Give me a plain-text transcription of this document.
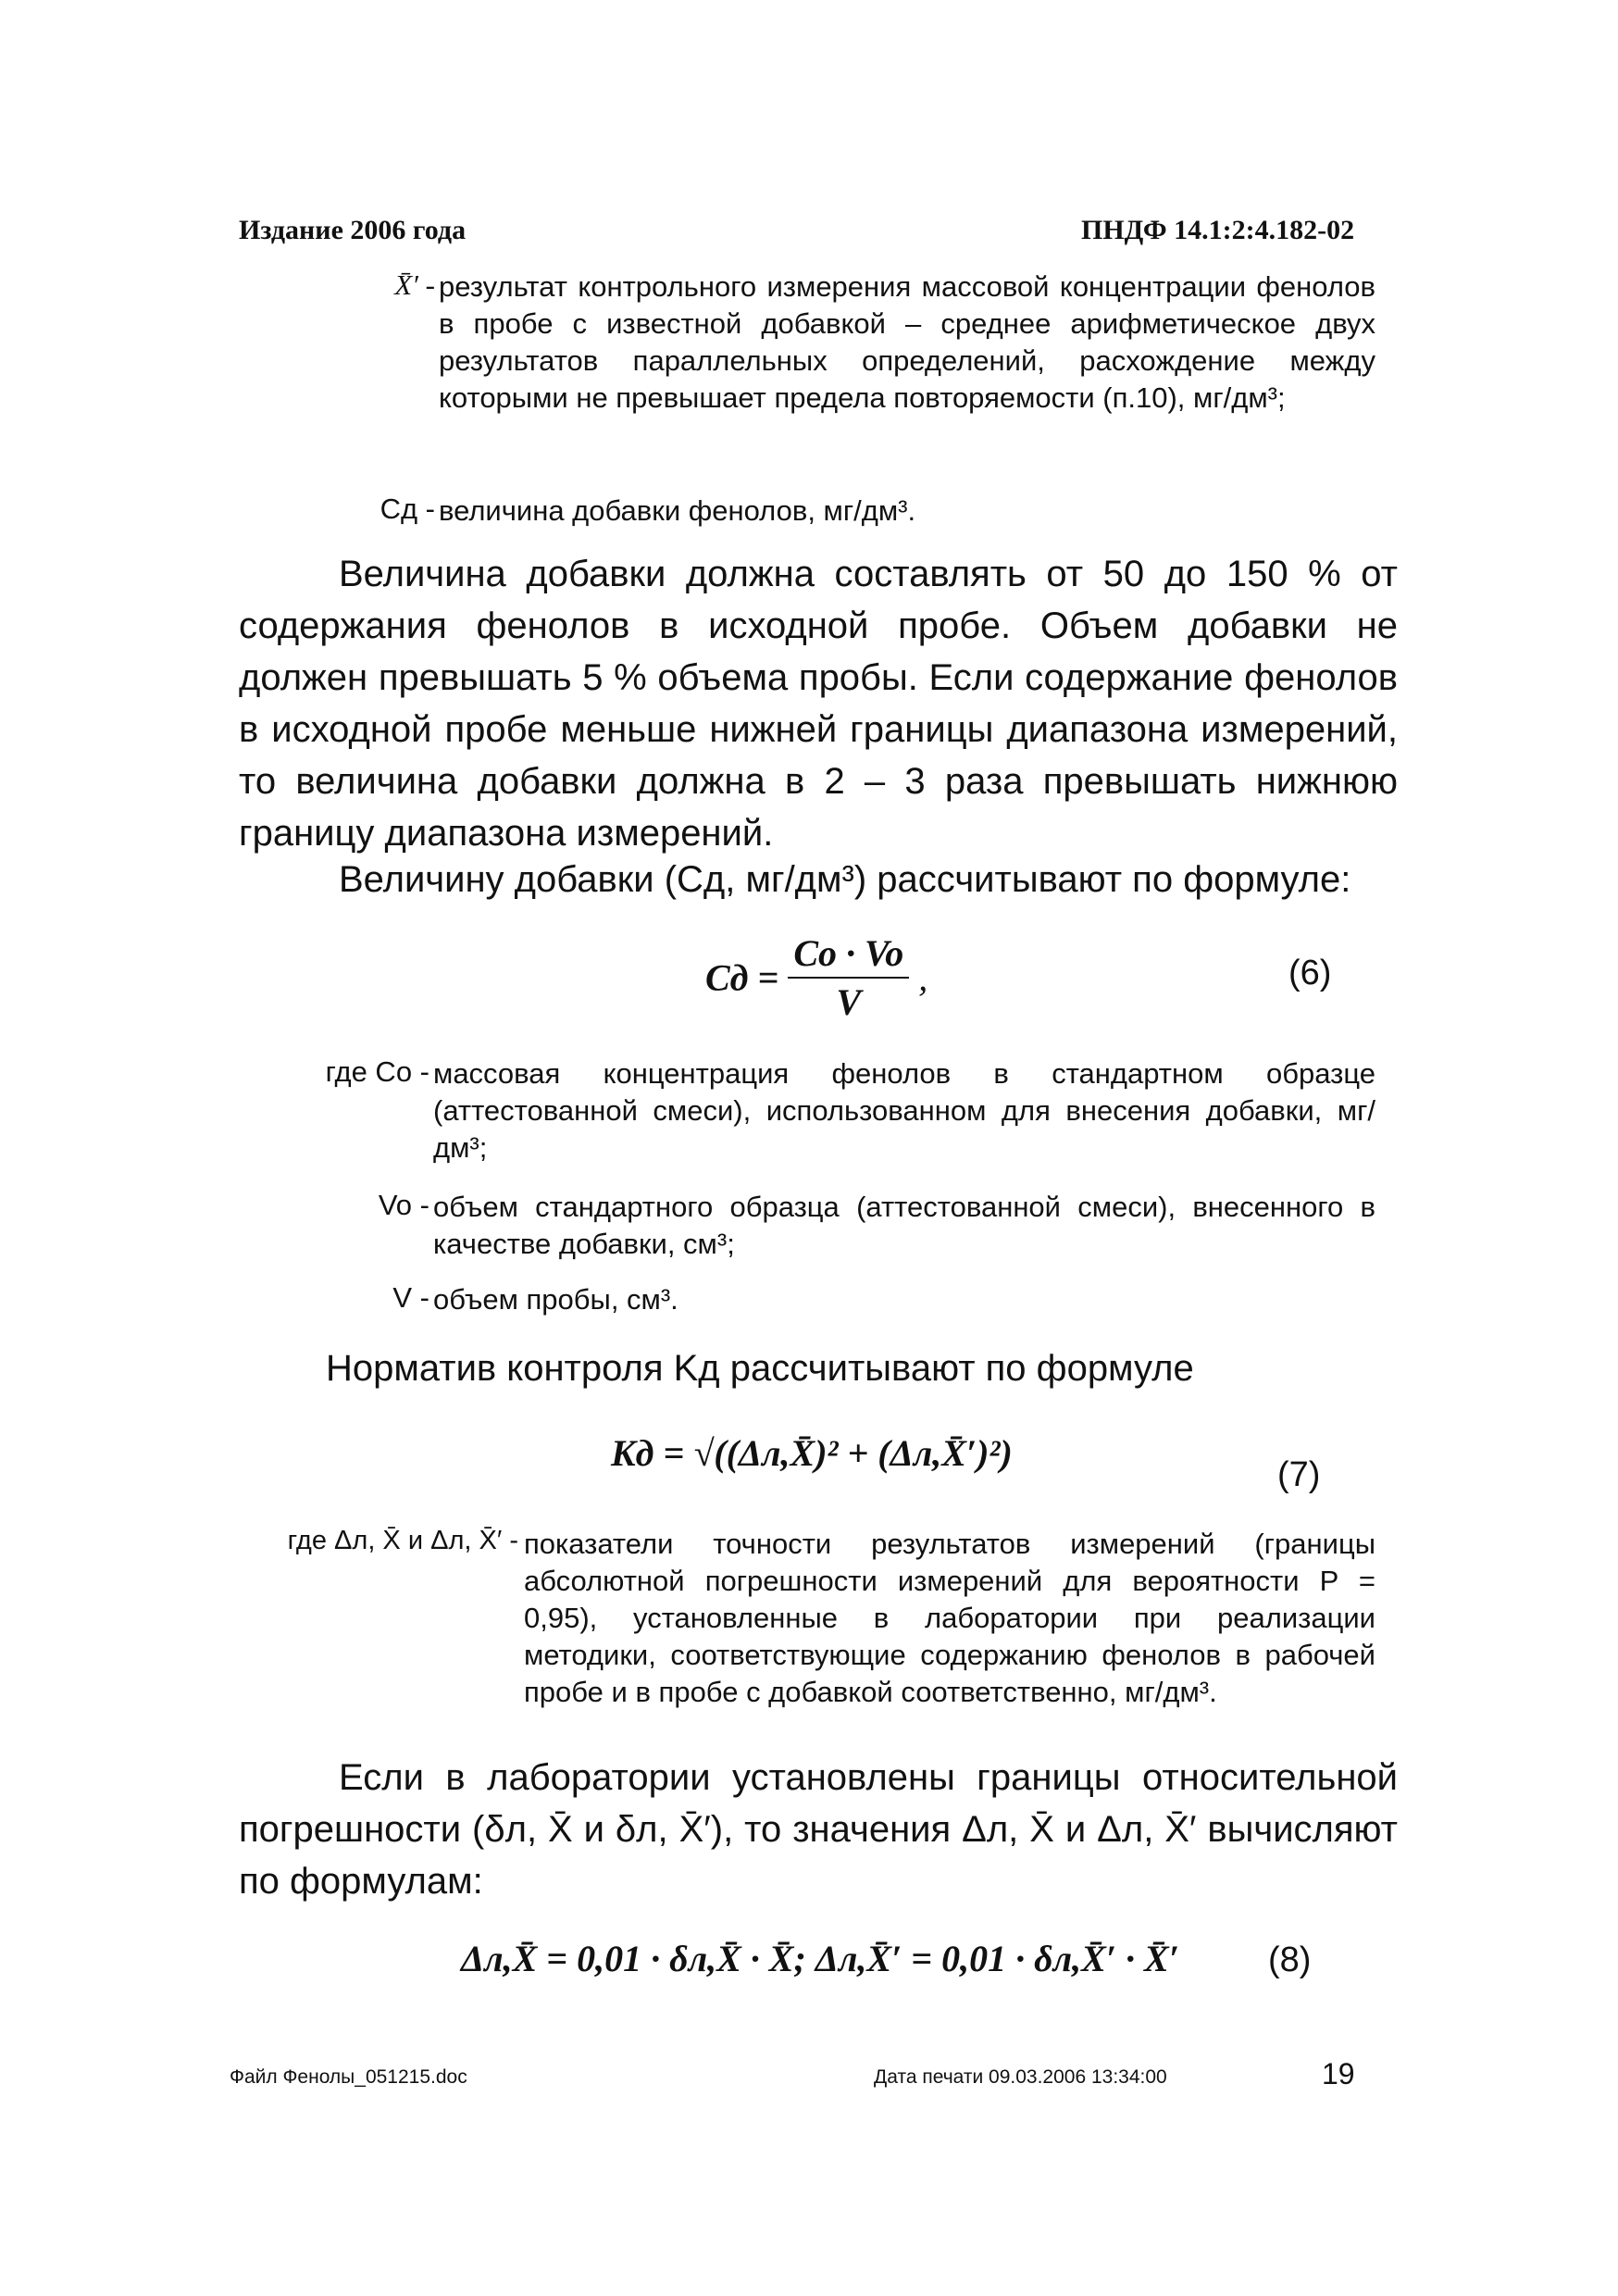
Издание 2006 года	ПНДФ 14.1:2:4.182-02
X̄′ - результат контрольного измерения массовой концентрации фенолов в пробе с известной добавкой – среднее арифметическое двух результатов параллельных определений, расхождение между которыми не превышает предела повторяемости (п.10), мг/дм³;
Cд - величина добавки фенолов, мг/дм³.
Величина добавки должна составлять от 50 до 150 % от содержания фенолов в исходной пробе. Объем добавки не должен превышать 5 % объема пробы. Если содержание фенолов в исходной пробе меньше нижней границы диапазона измерений, то величина добавки должна в 2 – 3 раза превышать нижнюю границу диапазона измерений.
Величину добавки (Cд, мг/дм³) рассчитывают по формуле:
Cд = $\frac{Co \cdot Vo}{V}$ ,	(6)
где Co - массовая концентрация фенолов в стандартном образце (аттестованной смеси), использованном для внесения добавки, мг/дм³;
Vo - объем стандартного образца (аттестованной смеси), внесенного в качестве добавки, см³;
V - объем пробы, см³.
Норматив контроля Kд рассчитывают по формуле
Kд = √((Δл,X̄)² + (Δл,X̄′)²)
(7)
где Δл, X̄ и Δл, X̄′ - показатели точности результатов измерений (границы абсолютной погрешности измерений для вероятности P = 0,95), установленные в лаборатории при реализации методики, соответствующие содержанию фенолов в рабочей пробе и в пробе с добавкой соответственно, мг/дм³.
Если в лаборатории установлены границы относительной погрешности (δл, X̄ и δл, X̄′), то значения Δл, X̄ и Δл, X̄′ вычисляют по формулам:
Δл,X̄ = 0,01 · δл,X̄ · X̄; Δл,X̄′ = 0,01 · δл,X̄′ · X̄′	(8)
Файл Фенолы_051215.doc	Дата печати 09.03.2006 13:34:00	19
